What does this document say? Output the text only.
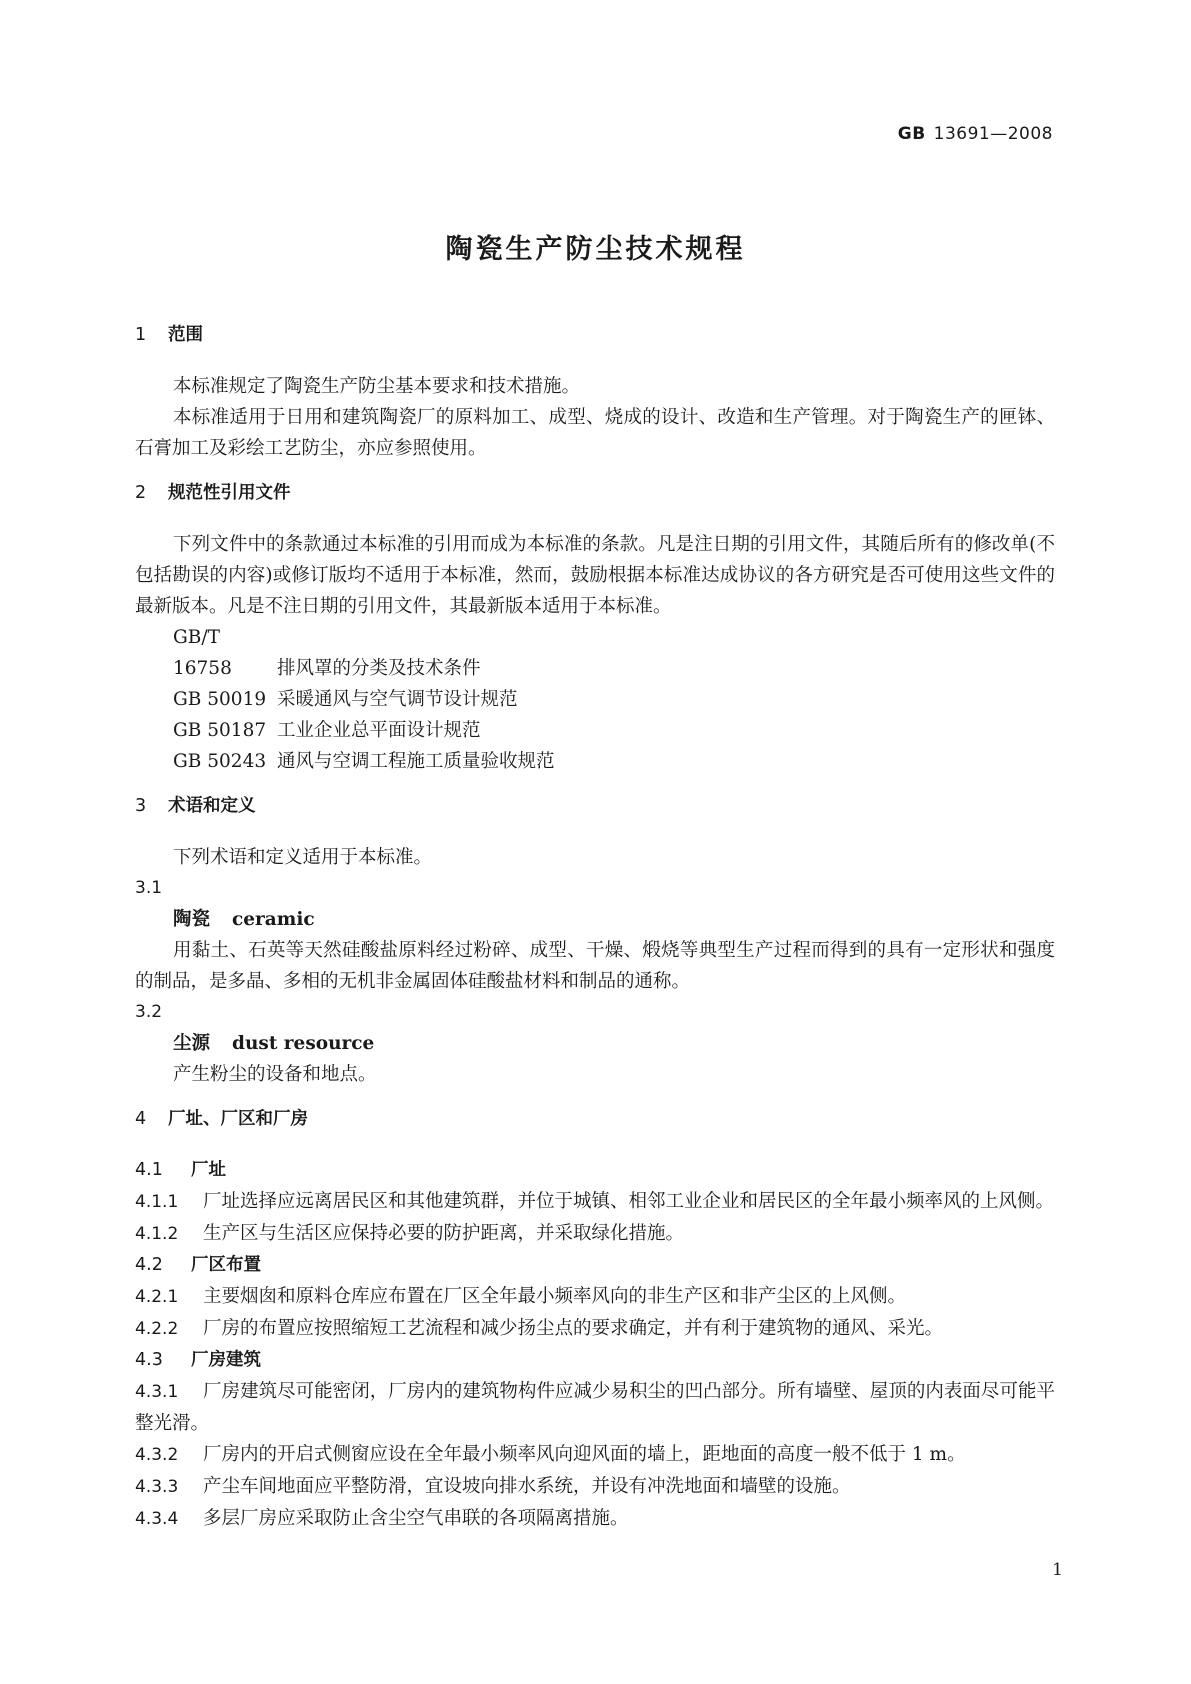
GB 13691—2008
陶瓷生产防尘技术规程
1 范围

本标准规定了陶瓷生产防尘基本要求和技术措施。

本标准适用于日用和建筑陶瓷厂的原料加工、成型、烧成的设计、改造和生产管理。对于陶瓷生产的匣钵、石膏加工及彩绘工艺防尘，亦应参照使用。

2 规范性引用文件

下列文件中的条款通过本标准的引用而成为本标准的条款。凡是注日期的引用文件，其随后所有的修改单(不包括勘误的内容)或修订版均不适用于本标准，然而，鼓励根据本标准达成协议的各方研究是否可使用这些文件的最新版本。凡是不注日期的引用文件，其最新版本适用于本标准。

GB/T 16758 排风罩的分类及技术条件

GB 50019 采暖通风与空气调节设计规范

GB 50187 工业企业总平面设计规范

GB 50243 通风与空调工程施工质量验收规范

3 术语和定义

下列术语和定义适用于本标准。

3.1

陶瓷 ceramic

用黏土、石英等天然硅酸盐原料经过粉碎、成型、干燥、煅烧等典型生产过程而得到的具有一定形状和强度的制品，是多晶、多相的无机非金属固体硅酸盐材料和制品的通称。

3.2

尘源 dust resource

产生粉尘的设备和地点。

4 厂址、厂区和厂房
4.1 厂址

4.1.1 厂址选择应远离居民区和其他建筑群，并位于城镇、相邻工业企业和居民区的全年最小频率风的上风侧。

4.1.2 生产区与生活区应保持必要的防护距离，并采取绿化措施。

4.2 厂区布置

4.2.1 主要烟囱和原料仓库应布置在厂区全年最小频率风向的非生产区和非产尘区的上风侧。

4.2.2 厂房的布置应按照缩短工艺流程和减少扬尘点的要求确定，并有利于建筑物的通风、采光。

4.3 厂房建筑

4.3.1 厂房建筑尽可能密闭，厂房内的建筑物构件应减少易积尘的凹凸部分。所有墙壁、屋顶的内表面尽可能平整光滑。

4.3.2 厂房内的开启式侧窗应设在全年最小频率风向迎风面的墙上，距地面的高度一般不低于 1 m。

4.3.3 产尘车间地面应平整防滑，宜设坡向排水系统，并设有冲洗地面和墙壁的设施。

4.3.4 多层厂房应采取防止含尘空气串联的各项隔离措施。

1
